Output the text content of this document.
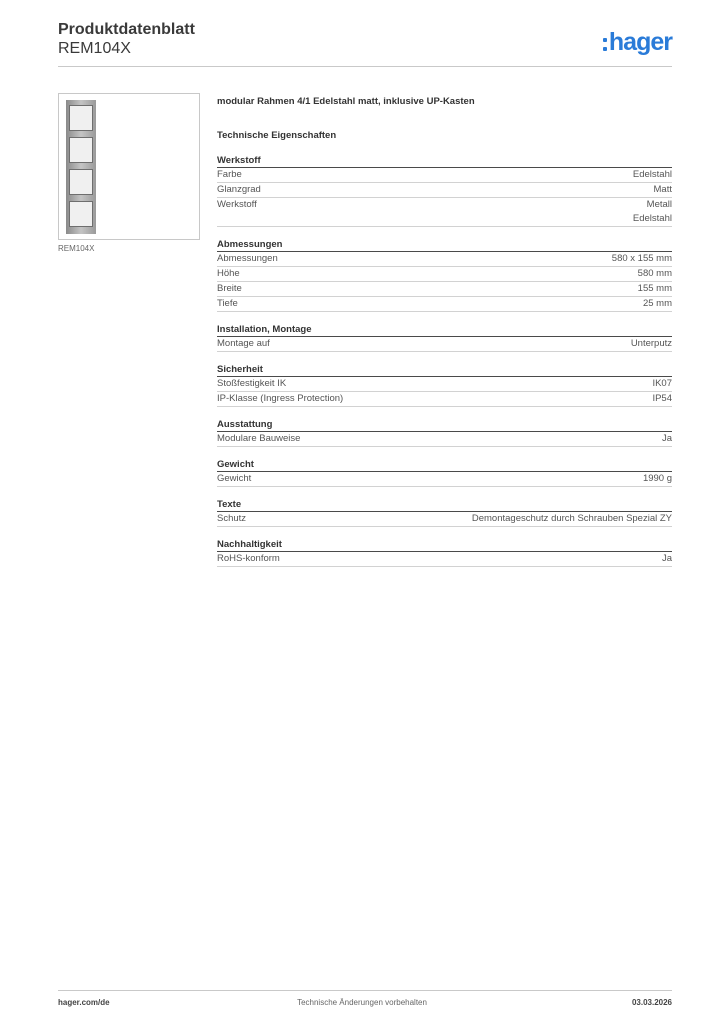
Produktdatenblatt
REM104X	hager
REM104X

modular Rahmen 4/1 Edelstahl matt, inklusive UP-Kasten

Technische Eigenschaften

Werkstoff
Farbe	Edelstahl
Glanzgrad	Matt
Werkstoff	Metall
Edelstahl
Abmessungen
Abmessungen	580 x 155 mm
Höhe	580 mm
Breite	155 mm
Tiefe	25 mm
Installation, Montage
Montage auf	Unterputz
Sicherheit
Stoßfestigkeit IK	IK07
IP-Klasse (Ingress Protection)	IP54
Ausstattung
Modulare Bauweise	Ja
Gewicht
Gewicht	1990 g
Texte
Schutz	Demontageschutz durch Schrauben Spezial ZY
Nachhaltigkeit
RoHS-konform	Ja
hager.com/de	Technische Änderungen vorbehalten	03.03.2026
